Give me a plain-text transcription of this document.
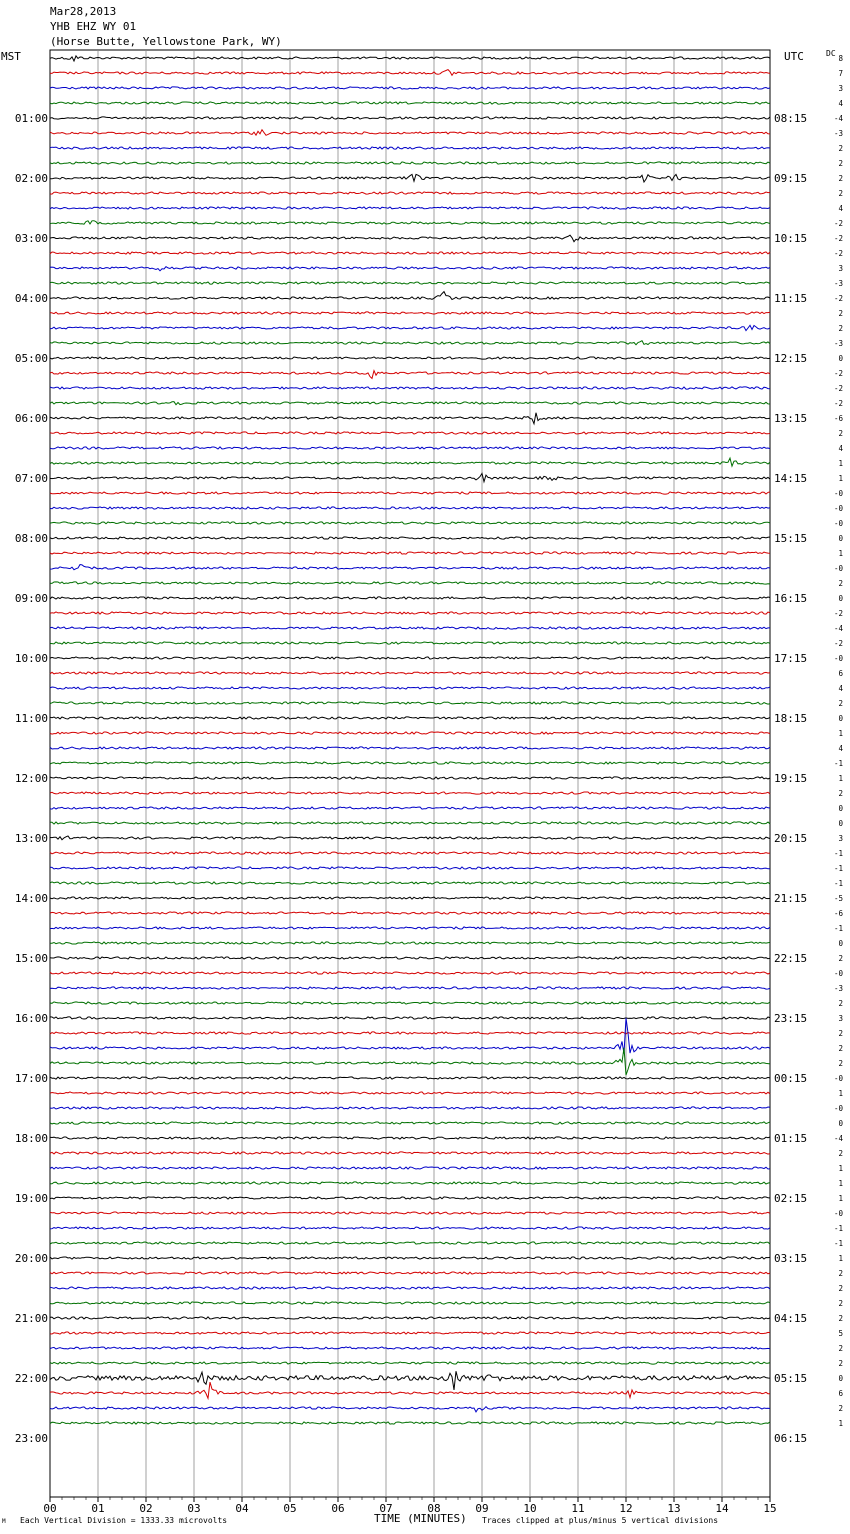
Mar28,2013
YHB EHZ WY 01
(Horse Butte, Yellowstone Park, WY)
MST	UTC	DC
00	01	02	03	04	05	06	07	08	09	10	11	12	13	14	15
8
7
3
4
-4
-3
2
2
2
2
4
-2
-2
-2
3
-3
-2
2
2
-3
0
-2
-2
-2
-6
2
4
1
1
-0
-0
-0
0
1
-0
2
0
-2
-4
-2
-0
6
4
2
0
1
4
-1
1
2
0
0
3
-1
-1
-1
-5
-6
-1
0
2
-0
-3
2
3
2
2
2
-0
1
-0
0
-4
2
1
1
1
-0
-1
-1
1
2
2
2
2
5
2
2
0
6
2
1
01:00
02:00
03:00
04:00
05:00
06:00
07:00
08:00
09:00
10:00
11:00
12:00
13:00
14:00
15:00
16:00
17:00
18:00
19:00
20:00
21:00
22:00
23:00
08:15
09:15
10:15
11:15
12:15
13:15
14:15
15:15
16:15
17:15
18:15
19:15
20:15
21:15
22:15
23:15
00:15
01:15
02:15
03:15
04:15
05:15
06:15
TIME (MINUTES)
Each Vertical Division = 1333.33 microvolts	Traces clipped at plus/minus 5 vertical divisions
M
